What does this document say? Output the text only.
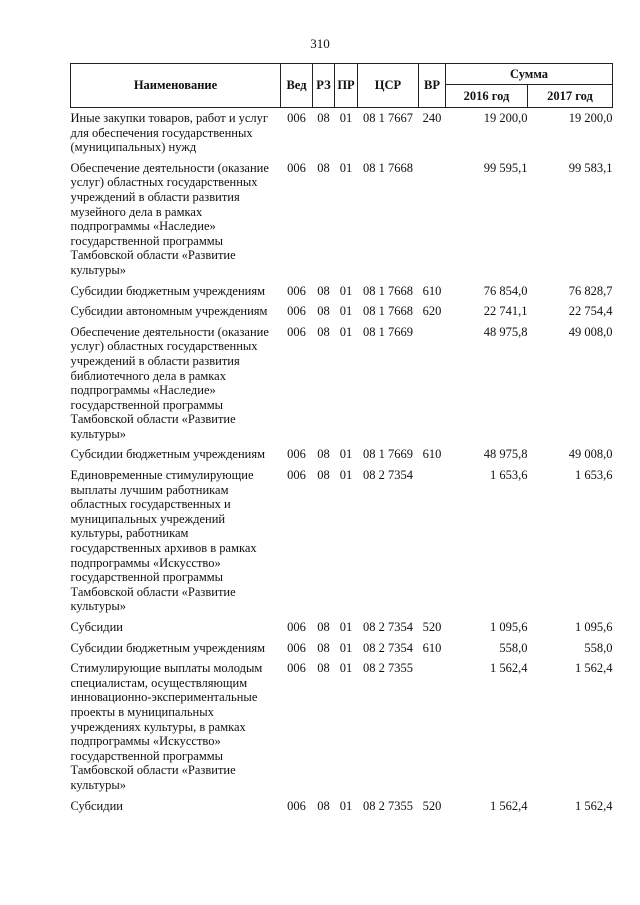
310
Наименование	Вед	РЗ	ПР	ЦСР	ВР	Сумма	
						2016 год	2017 год
Иные закупки товаров, работ и услуг для обеспечения государственных (муниципальных) нужд	006	08	01	08 1 7667	240	19 200,0	19 200,0
Обеспечение деятельности (оказание услуг) областных государственных учреждений в области развития музейного дела в рамках подпрограммы «Наследие» государственной программы Тамбовской области «Развитие культуры»	006	08	01	08 1 7668		99 595,1	99 583,1
Субсидии бюджетным учреждениям	006	08	01	08 1 7668	610	76 854,0	76 828,7
Субсидии автономным учреждениям	006	08	01	08 1 7668	620	22 741,1	22 754,4
Обеспечение деятельности (оказание услуг) областных государственных учреждений в области развития библиотечного дела в рамках подпрограммы «Наследие» государственной программы Тамбовской области «Развитие культуры»	006	08	01	08 1 7669		48 975,8	49 008,0
Субсидии бюджетным учреждениям	006	08	01	08 1 7669	610	48 975,8	49 008,0
Единовременные стимулирующие выплаты лучшим работникам областных государственных и муниципальных учреждений культуры, работникам государственных архивов в рамках подпрограммы «Искусство» государственной программы Тамбовской области «Развитие культуры»	006	08	01	08 2 7354		1 653,6	1 653,6
Субсидии	006	08	01	08 2 7354	520	1 095,6	1 095,6
Субсидии бюджетным учреждениям	006	08	01	08 2 7354	610	558,0	558,0
Стимулирующие выплаты молодым специалистам, осуществляющим инновационно-экспериментальные проекты в муниципальных учреждениях культуры, в рамках подпрограммы «Искусство» государственной программы Тамбовской области «Развитие культуры»	006	08	01	08 2 7355		1 562,4	1 562,4
Субсидии	006	08	01	08 2 7355	520	1 562,4	1 562,4
